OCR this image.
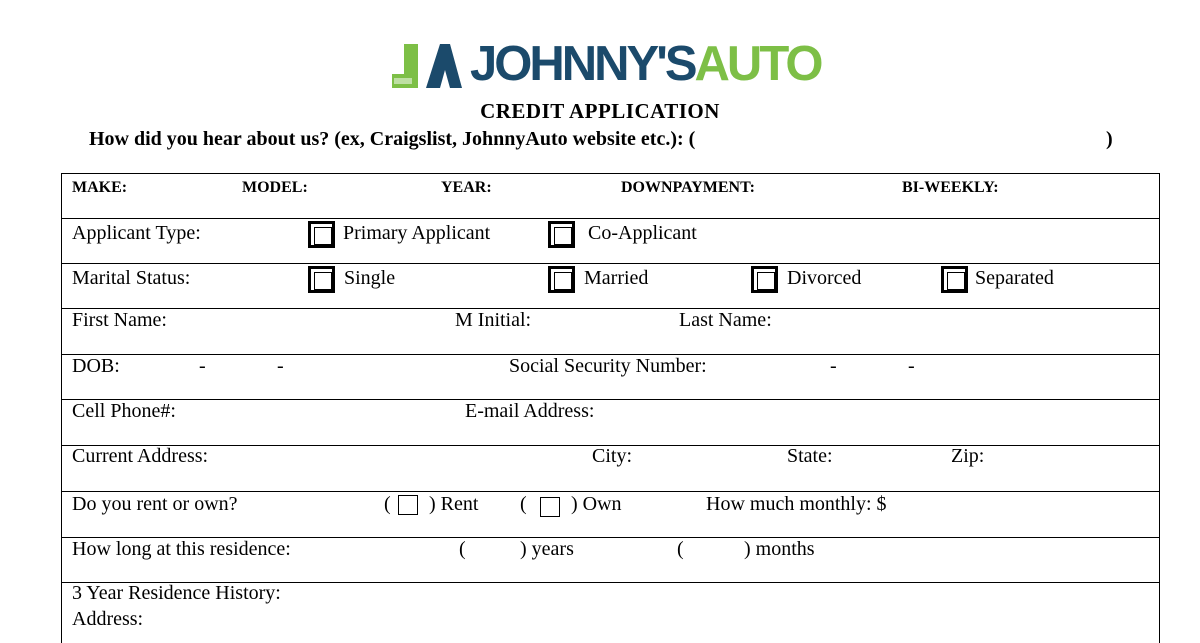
JOHNNY'SAUTO
CREDIT APPLICATION
How did you hear about us? (ex, Craigslist, JohnnyAuto website etc.): (	)
MAKE:	MODEL:	YEAR:	DOWNPAYMENT:	BI-WEEKLY:
Applicant Type:	Primary Applicant	Co-Applicant
Marital Status:	Single	Married	Divorced	Separated
First Name:	M Initial:	Last Name:
DOB:	-	-	Social Security Number:	-	-
Cell Phone#:	E-mail Address:
Current Address:	City:	State:	Zip:
Do you rent or own?	( ) Rent ( ) Own	How much monthly: $
How long at this residence:	(	) years	(	) months
3 Year Residence History:
Address:
